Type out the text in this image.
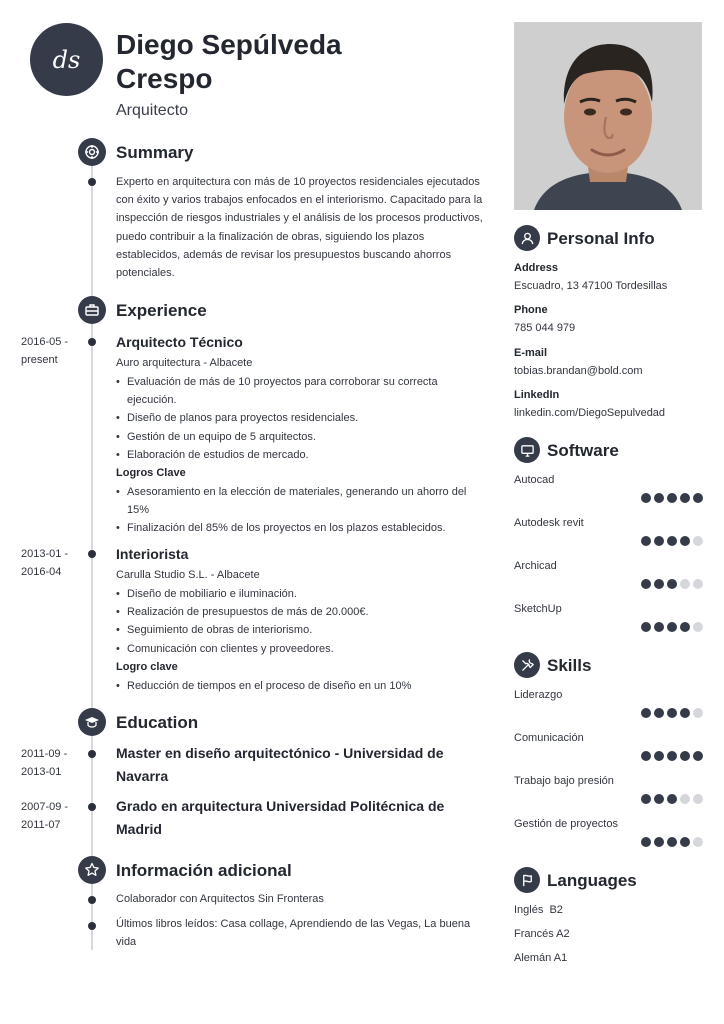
ds Diego Sepúlveda Crespo
Arquitecto
Summary
Experto en arquitectura con más de 10 proyectos residenciales ejecutados con éxito y varios trabajos enfocados en el interiorismo. Capacitado para la inspección de riesgos industriales y el análisis de los procesos productivos, puedo contribuir a la finalización de obras, siguiendo los plazos establecidos, además de revisar los presupuestos buscando ahorros potenciales.
Experience
2016-05 - present
Arquitecto Técnico
Auro arquitectura - Albacete
• Evaluación de más de 10 proyectos para corroborar su correcta ejecución.
• Diseño de planos para proyectos residenciales.
• Gestión de un equipo de 5 arquitectos.
• Elaboración de estudios de mercado.
Logros Clave
• Asesoramiento en la elección de materiales, generando un ahorro del 15%
• Finalización del 85% de los proyectos en los plazos establecidos.
2013-01 - 2016-04
Interiorista
Carulla Studio S.L. - Albacete
• Diseño de mobiliario e iluminación.
• Realización de presupuestos de más de 20.000€.
• Seguimiento de obras de interiorismo.
• Comunicación con clientes y proveedores.
Logro clave
• Reducción de tiempos en el proceso de diseño en un 10%
Education
2011-09 - 2013-01
Master en diseño arquitectónico - Universidad de Navarra
2007-09 - 2011-07
Grado en arquitectura Universidad Politécnica de Madrid
Información adicional
Colaborador con Arquitectos Sin Fronteras
Últimos libros leídos: Casa collage, Aprendiendo de las Vegas, La buena vida
Personal Info
Address
Escuadro, 13 47100 Tordesillas
Phone
785 044 979
E-mail
tobias.brandan@bold.com
LinkedIn
linkedin.com/DiegoSepulvedad
Software
Autocad
Autodesk revit
Archicad
SketchUp
Skills
Liderazgo
Comunicación
Trabajo bajo presión
Gestión de proyectos
Languages
Inglés  B2
Francés A2
Alemán A1
